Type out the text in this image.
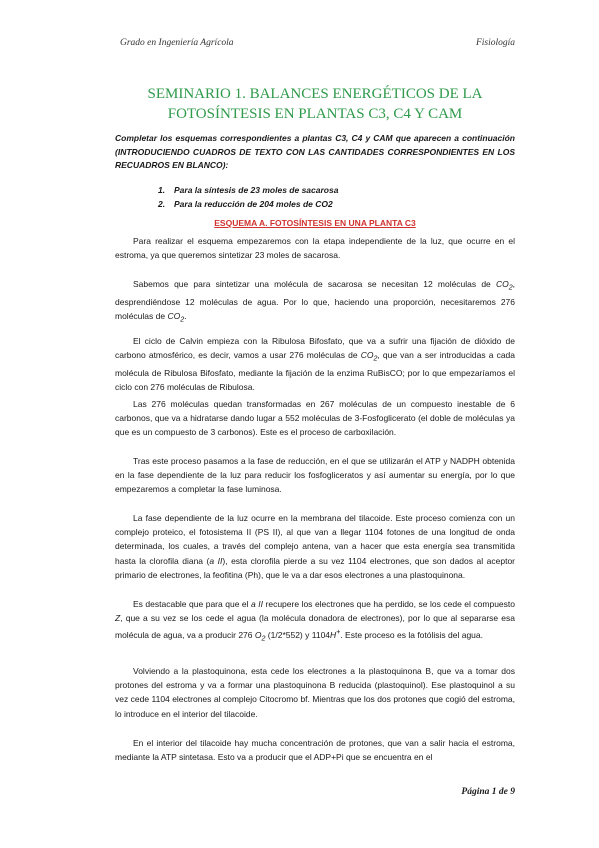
Grado en Ingeniería Agrícola	Fisiología
SEMINARIO 1. BALANCES ENERGÉTICOS DE LA
FOTOSÍNTESIS EN PLANTAS C3, C4 Y CAM
Completar los esquemas correspondientes a plantas C3, C4 y CAM que aparecen a continuación (INTRODUCIENDO CUADROS DE TEXTO CON LAS CANTIDADES CORRESPONDIENTES EN LOS RECUADROS EN BLANCO):
1. Para la síntesis de 23 moles de sacarosa
2. Para la reducción de 204 moles de CO2
ESQUEMA A. FOTOSÍNTESIS EN UNA PLANTA C3

Para realizar el esquema empezaremos con la etapa independiente de la luz, que ocurre en el estroma, ya que queremos sintetizar 23 moles de sacarosa.

Sabemos que para sintetizar una molécula de sacarosa se necesitan 12 moléculas de $CO_2$, desprendiéndose 12 moléculas de agua. Por lo que, haciendo una proporción, necesitaremos 276 moléculas de $CO_2$.

El ciclo de Calvin empieza con la Ribulosa Bifosfato, que va a sufrir una fijación de dióxido de carbono atmosférico, es decir, vamos a usar 276 moléculas de $CO_2$, que van a ser introducidas a cada molécula de Ribulosa Bifosfato, mediante la fijación de la enzima RuBisCO; por lo que empezaríamos el ciclo con 276 moléculas de Ribulosa.

Las 276 moléculas quedan transformadas en 267 moléculas de un compuesto inestable de 6 carbonos, que va a hidratarse dando lugar a 552 moléculas de 3-Fosfoglicerato (el doble de moléculas ya que es un compuesto de 3 carbonos). Este es el proceso de carboxilación.

Tras este proceso pasamos a la fase de reducción, en el que se utilizarán el ATP y NADPH obtenida en la fase dependiente de la luz para reducir los fosfogliceratos y así aumentar su energía, por lo que empezaremos a completar la fase luminosa.

La fase dependiente de la luz ocurre en la membrana del tilacoide. Este proceso comienza con un complejo proteico, el fotosistema II (PS II), al que van a llegar 1104 fotones de una longitud de onda determinada, los cuales, a través del complejo antena, van a hacer que esta energía sea transmitida hasta la clorofila diana (a II), esta clorofila pierde a su vez 1104 electrones, que son dados al aceptor primario de electrones, la feofitina (Ph), que le va a dar esos electrones a una plastoquinona.

Es destacable que para que el a II recupere los electrones que ha perdido, se los cede el compuesto Z, que a su vez se los cede el agua (la molécula donadora de electrones), por lo que al separarse esa molécula de agua, va a producir 276 $O_2$ (1/2*552) y 1104H+. Este proceso es la fotólisis del agua.

Volviendo a la plastoquinona, esta cede los electrones a la plastoquinona B, que va a tomar dos protones del estroma y va a formar una plastoquinona B reducida (plastoquinol). Ese plastoquinol a su vez cede 1104 electrones al complejo Citocromo bf. Mientras que los dos protones que cogió del estroma, lo introduce en el interior del tilacoide.

En el interior del tilacoide hay mucha concentración de protones, que van a salir hacia el estroma, mediante la ATP sintetasa. Esto va a producir que el ADP+Pi que se encuentra en el

Página 1 de 9
